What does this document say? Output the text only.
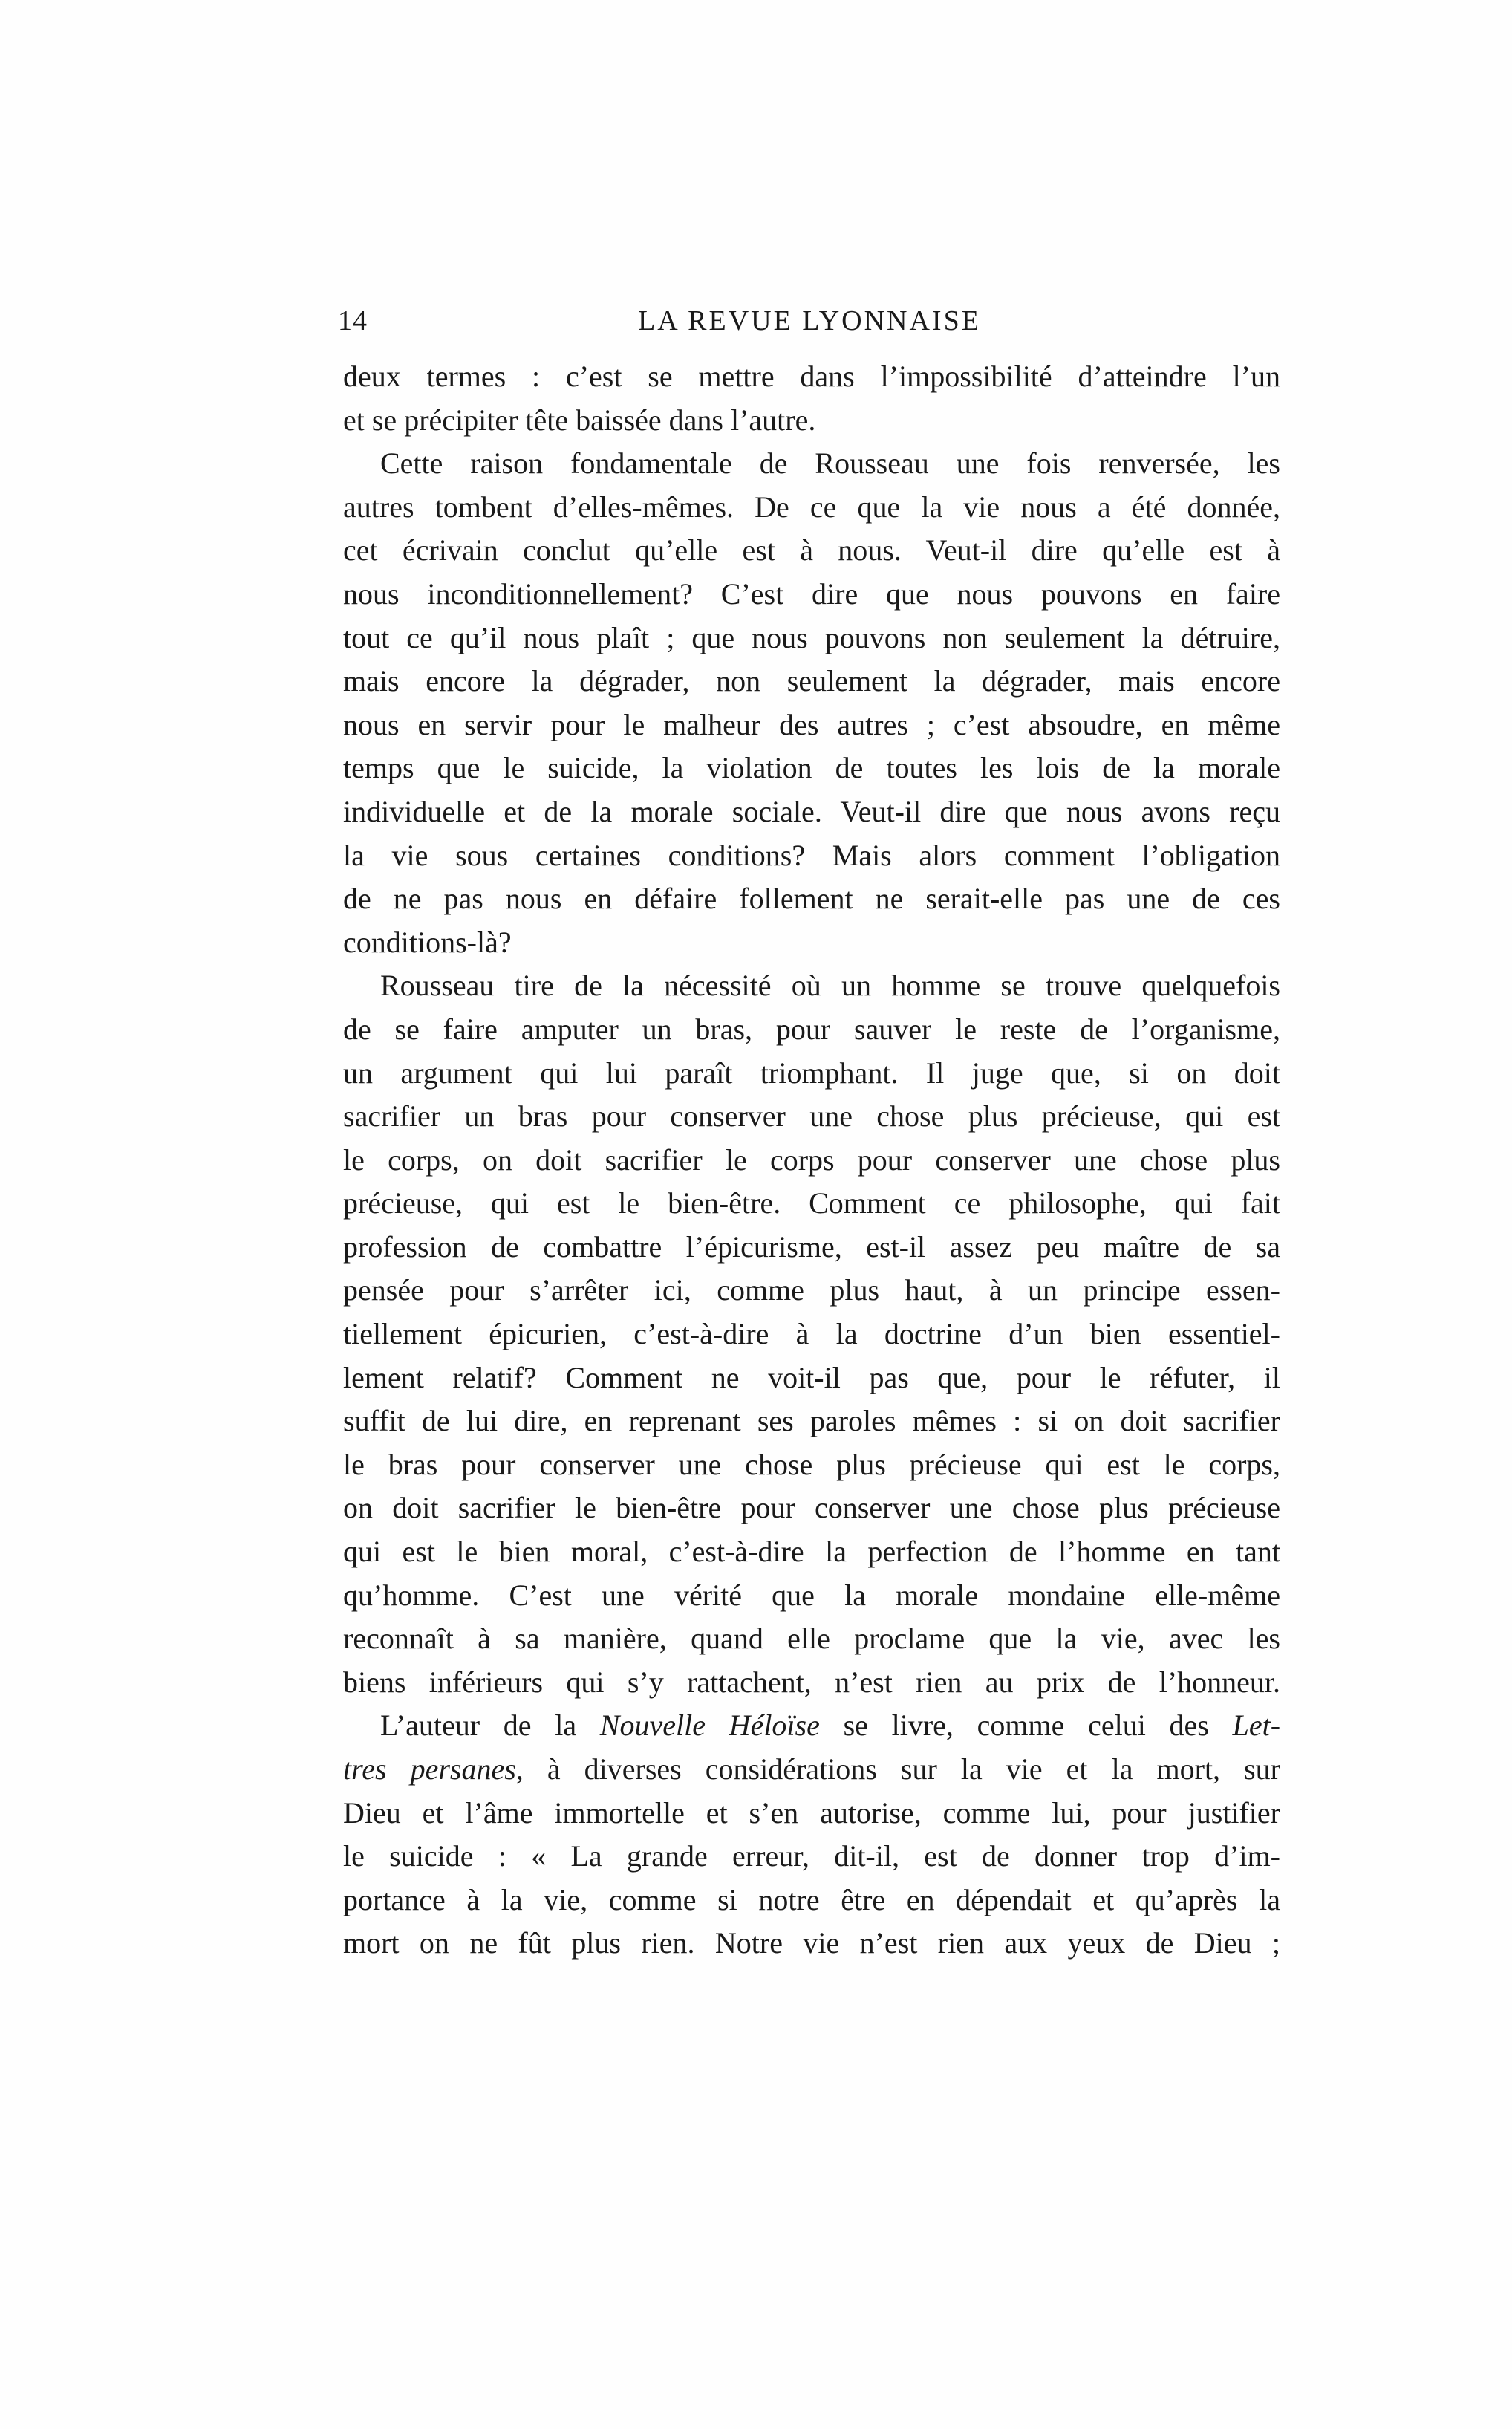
14	LA REVUE LYONNAISE
deux termes : c’est se mettre dans l’impossibilité d’atteindre l’un
et se précipiter tête baissée dans l’autre.
Cette raison fondamentale de Rousseau une fois renversée, les
autres tombent d’elles-mêmes. De ce que la vie nous a été donnée,
cet écrivain conclut qu’elle est à nous. Veut-il dire qu’elle est à
nous inconditionnellement? C’est dire que nous pouvons en faire
tout ce qu’il nous plaît ; que nous pouvons non seulement la détruire,
mais encore la dégrader, non seulement la dégrader, mais encore
nous en servir pour le malheur des autres ; c’est absoudre, en même
temps que le suicide, la violation de toutes les lois de la morale
individuelle et de la morale sociale. Veut-il dire que nous avons reçu
la vie sous certaines conditions? Mais alors comment l’obligation
de ne pas nous en défaire follement ne serait-elle pas une de ces
conditions-là?
Rousseau tire de la nécessité où un homme se trouve quelquefois
de se faire amputer un bras, pour sauver le reste de l’organisme,
un argument qui lui paraît triomphant. Il juge que, si on doit
sacrifier un bras pour conserver une chose plus précieuse, qui est
le corps, on doit sacrifier le corps pour conserver une chose plus
précieuse, qui est le bien-être. Comment ce philosophe, qui fait
profession de combattre l’épicurisme, est-il assez peu maître de sa
pensée pour s’arrêter ici, comme plus haut, à un principe essen-
tiellement épicurien, c’est-à-dire à la doctrine d’un bien essentiel-
lement relatif? Comment ne voit-il pas que, pour le réfuter, il
suffit de lui dire, en reprenant ses paroles mêmes : si on doit sacrifier
le bras pour conserver une chose plus précieuse qui est le corps,
on doit sacrifier le bien-être pour conserver une chose plus précieuse
qui est le bien moral, c’est-à-dire la perfection de l’homme en tant
qu’homme. C’est une vérité que la morale mondaine elle-même
reconnaît à sa manière, quand elle proclame que la vie, avec les
biens inférieurs qui s’y rattachent, n’est rien au prix de l’honneur.
L’auteur de la Nouvelle Héloïse se livre, comme celui des Let-
tres persanes, à diverses considérations sur la vie et la mort, sur
Dieu et l’âme immortelle et s’en autorise, comme lui, pour justifier
le suicide : « La grande erreur, dit-il, est de donner trop d’im-
portance à la vie, comme si notre être en dépendait et qu’après la
mort on ne fût plus rien. Notre vie n’est rien aux yeux de Dieu ;
